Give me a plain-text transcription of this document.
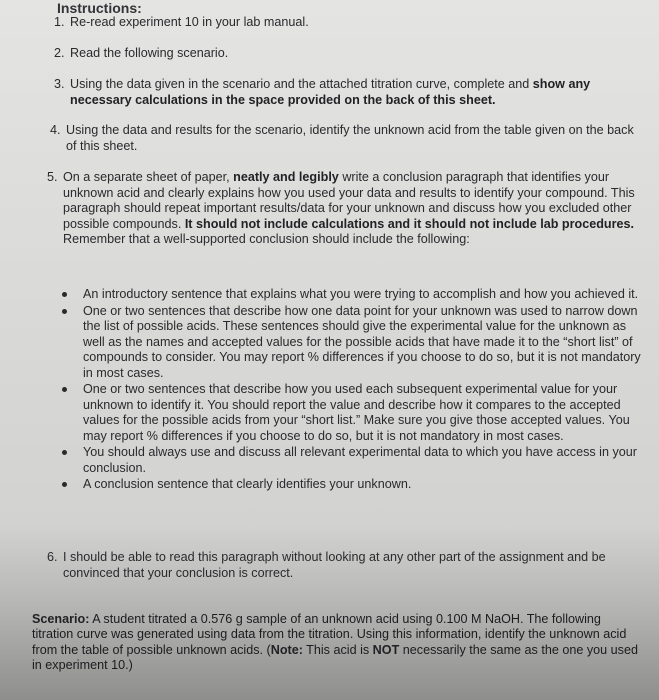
Instructions:
1. Re-read experiment 10 in your lab manual.
2. Read the following scenario.
3. Using the data given in the scenario and the attached titration curve, complete and show any necessary calculations in the space provided on the back of this sheet.
4. Using the data and results for the scenario, identify the unknown acid from the table given on the back of this sheet.
5. On a separate sheet of paper, neatly and legibly write a conclusion paragraph that identifies your unknown acid and clearly explains how you used your data and results to identify your compound. This paragraph should repeat important results/data for your unknown and discuss how you excluded other possible compounds. It should not include calculations and it should not include lab procedures. Remember that a well-supported conclusion should include the following:
An introductory sentence that explains what you were trying to accomplish and how you achieved it.
One or two sentences that describe how one data point for your unknown was used to narrow down the list of possible acids. These sentences should give the experimental value for the unknown as well as the names and accepted values for the possible acids that have made it to the “short list” of compounds to consider. You may report % differences if you choose to do so, but it is not mandatory in most cases.
One or two sentences that describe how you used each subsequent experimental value for your unknown to identify it. You should report the value and describe how it compares to the accepted values for the possible acids from your “short list.” Make sure you give those accepted values. You may report % differences if you choose to do so, but it is not mandatory in most cases.
You should always use and discuss all relevant experimental data to which you have access in your conclusion.
A conclusion sentence that clearly identifies your unknown.
6. I should be able to read this paragraph without looking at any other part of the assignment and be convinced that your conclusion is correct.
Scenario: A student titrated a 0.576 g sample of an unknown acid using 0.100 M NaOH. The following titration curve was generated using data from the titration. Using this information, identify the unknown acid from the table of possible unknown acids. (Note: This acid is NOT necessarily the same as the one you used in experiment 10.)
